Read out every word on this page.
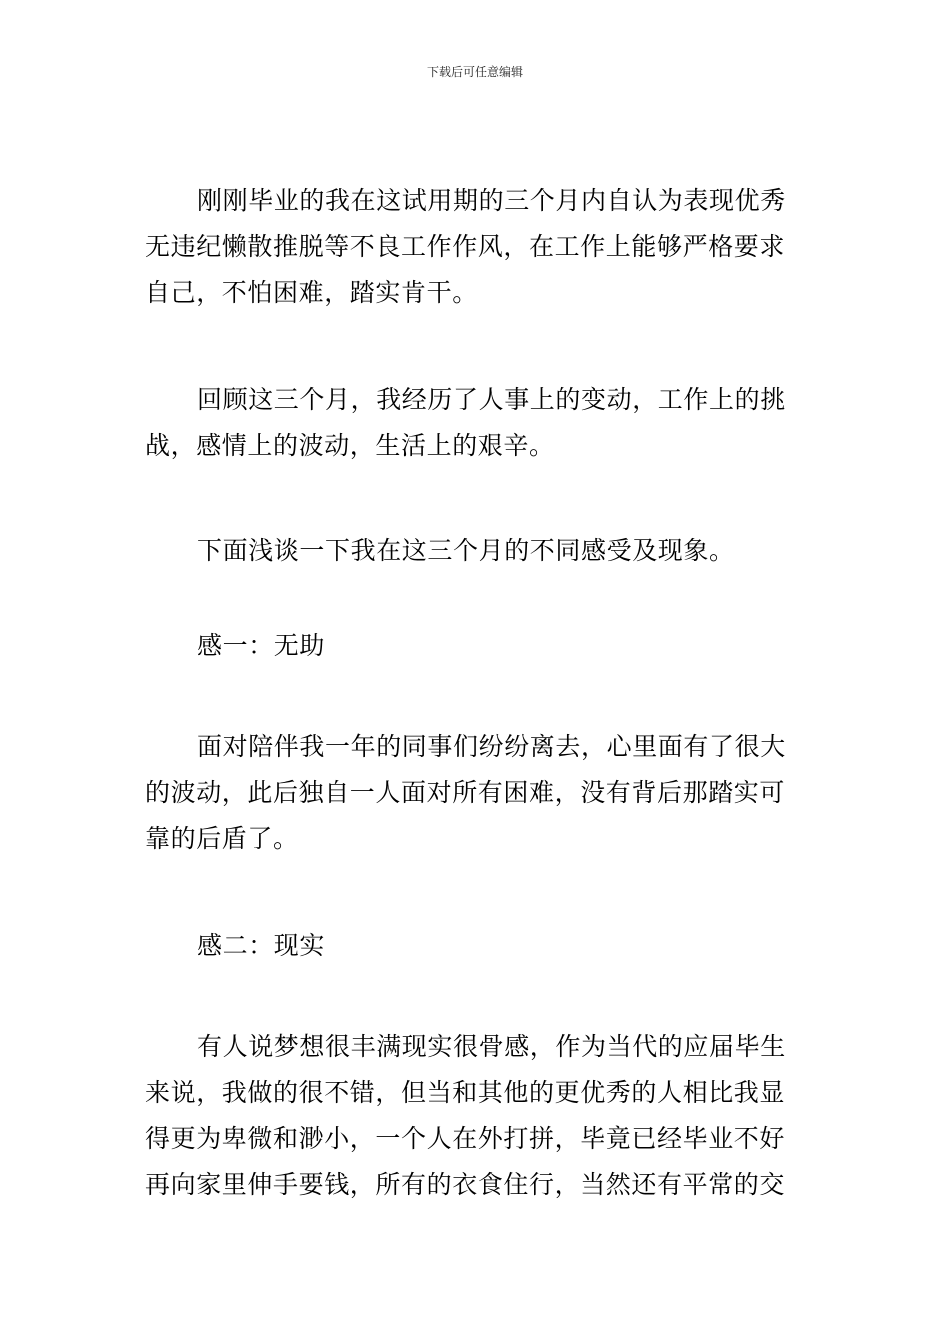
下载后可任意编辑
刚刚毕业的我在这试用期的三个月内自认为表现优秀
无违纪懒散推脱等不良工作作风，在工作上能够严格要求
自己，不怕困难，踏实肯干。
回顾这三个月，我经历了人事上的变动，工作上的挑
战，感情上的波动，生活上的艰辛。
下面浅谈一下我在这三个月的不同感受及现象。
感一：无助
面对陪伴我一年的同事们纷纷离去，心里面有了很大
的波动，此后独自一人面对所有困难，没有背后那踏实可
靠的后盾了。
感二：现实
有人说梦想很丰满现实很骨感，作为当代的应届毕生
来说，我做的很不错，但当和其他的更优秀的人相比我显
得更为卑微和渺小，一个人在外打拼，毕竟已经毕业不好
再向家里伸手要钱，所有的衣食住行，当然还有平常的交
